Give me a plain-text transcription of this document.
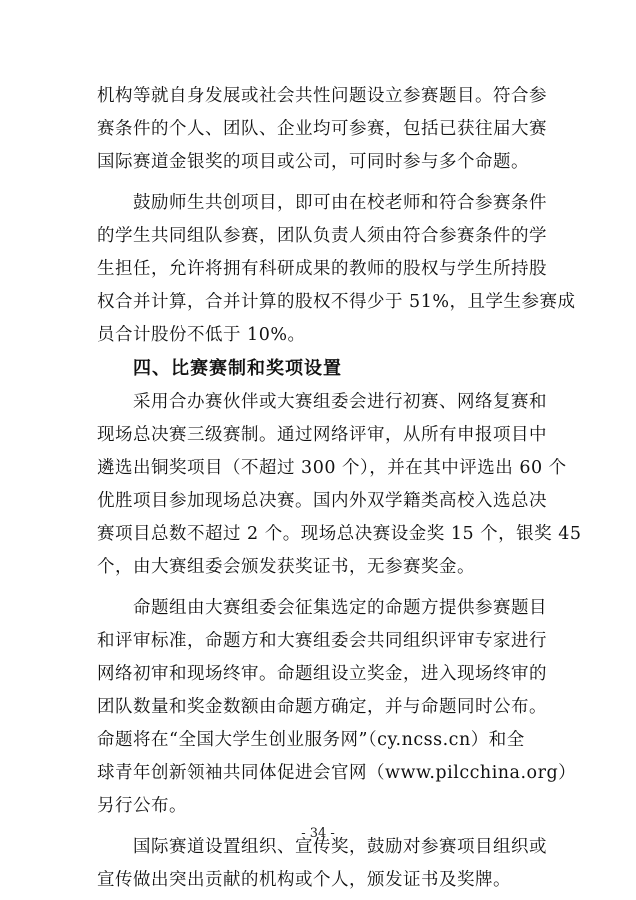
机构等就自身发展或社会共性问题设立参赛题目。符合参
赛条件的个人、团队、企业均可参赛，包括已获往届大赛
国际赛道金银奖的项目或公司，可同时参与多个命题。

鼓励师生共创项目，即可由在校老师和符合参赛条件
的学生共同组队参赛，团队负责人须由符合参赛条件的学
生担任，允许将拥有科研成果的教师的股权与学生所持股
权合并计算，合并计算的股权不得少于 51%，且学生参赛成
员合计股份不低于 10%。

四、比赛赛制和奖项设置

采用合办赛伙伴或大赛组委会进行初赛、网络复赛和
现场总决赛三级赛制。通过网络评审，从所有申报项目中
遴选出铜奖项目（不超过 300 个），并在其中评选出 60 个
优胜项目参加现场总决赛。国内外双学籍类高校入选总决
赛项目总数不超过 2 个。现场总决赛设金奖 15 个，银奖 45
个，由大赛组委会颁发获奖证书，无参赛奖金。

命题组由大赛组委会征集选定的命题方提供参赛题目
和评审标准，命题方和大赛组委会共同组织评审专家进行
网络初审和现场终审。命题组设立奖金，进入现场终审的
团队数量和奖金数额由命题方确定，并与命题同时公布。
命题将在“全国大学生创业服务网”（cy.ncss.cn）和全
球青年创新领袖共同体促进会官网（www.pilcchina.org）
另行公布。

国际赛道设置组织、宣传奖，鼓励对参赛项目组织或
宣传做出突出贡献的机构或个人，颁发证书及奖牌。

- 34 -
